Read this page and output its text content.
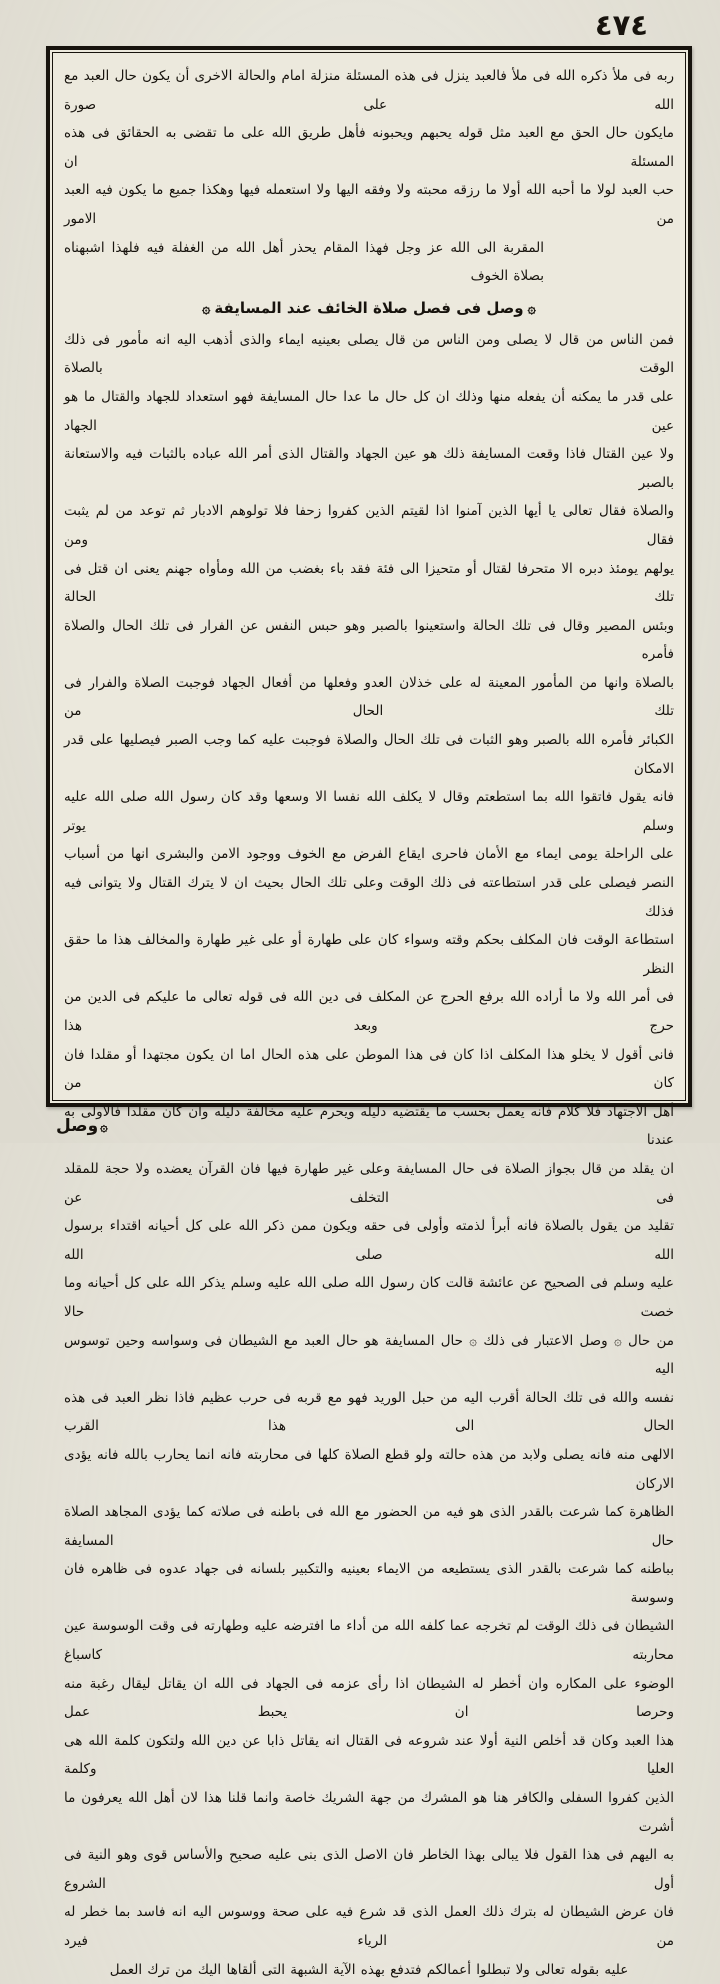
٤٧٤
ربه فى ملأ ذكره الله فى ملأ فالعبد ينزل فى هذه المسئلة منزلة امام والحالة الاخرى أن يكون حال العبد مع الله على صورة
مايكون حال الحق مع العبد مثل قوله يحبهم ويحبونه فأهل طريق الله على ما تقضى به الحقائق فى هذه المسئلة ان
حب العبد لولا ما أحبه الله أولا ما رزقه محبته ولا وفقه اليها ولا استعمله فيها وهكذا جميع ما يكون فيه العبد من الامور
المقربة الى الله عز وجل فهذا المقام يحذر أهل الله من الغفلة فيه فلهذا اشبهناه بصلاة الخوف
۞وصل فى فصل صلاة الخائف عند المسايفة۞
فمن الناس من قال لا يصلى ومن الناس من قال يصلى بعينيه ايماء والذى أذهب اليه انه مأمور فى ذلك الوقت بالصلاة
على قدر ما يمكنه أن يفعله منها وذلك ان كل حال ما عدا حال المسايفة فهو استعداد للجهاد والقتال ما هو عين الجهاد
ولا عين القتال فاذا وقعت المسايفة ذلك هو عين الجهاد والقتال الذى أمر الله عباده بالثبات فيه والاستعانة بالصبر
والصلاة فقال تعالى يا أيها الذين آمنوا اذا لقيتم الذين كفروا زحفا فلا تولوهم الادبار ثم توعد من لم يثبت فقال ومن
يولهم يومئذ دبره الا متحرفا لقتال أو متحيزا الى فئة فقد باء بغضب من الله ومأواه جهنم يعنى ان قتل فى تلك الحالة
وبئس المصير وقال فى تلك الحالة واستعينوا بالصبر وهو حبس النفس عن الفرار فى تلك الحال والصلاة فأمره
بالصلاة وانها من المأمور المعينة له على خذلان العدو وفعلها من أفعال الجهاد فوجبت الصلاة والفرار فى تلك الحال من
الكبائر فأمره الله بالصبر وهو الثبات فى تلك الحال والصلاة فوجبت عليه كما وجب الصبر فيصليها على قدر الامكان
فانه يقول فاتقوا الله بما استطعتم وقال لا يكلف الله نفسا الا وسعها وقد كان رسول الله صلى الله عليه وسلم يوتر
على الراحلة يومى ايماء مع الأمان فاحرى ايقاع الفرض مع الخوف ووجود الامن والبشرى انها من أسباب
النصر فيصلى على قدر استطاعته فى ذلك الوقت وعلى تلك الحال بحيث ان لا يترك القتال ولا يتوانى فيه فذلك
استطاعة الوقت فان المكلف بحكم وقته وسواء كان على طهارة أو على غير طهارة والمخالف هذا ما حقق النظر
فى أمر الله ولا ما أراده الله برفع الحرج عن المكلف فى دين الله فى قوله تعالى ما عليكم فى الدين من حرج وبعد هذا
فانى أقول لا يخلو هذا المكلف اذا كان فى هذا الموطن على هذه الحال اما ان يكون مجتهدا أو مقلدا فان كان من
أهل الاجتهاد فلا كلام فانه يعمل بحسب ما يقتضيه دليله ويحرم عليه مخالفة دليله وان كان مقلدا فالاولى به عندنا
ان يقلد من قال بجواز الصلاة فى حال المسايفة وعلى غير طهارة فيها فان القرآن يعضده ولا حجة للمقلد فى التخلف عن
تقليد من يقول بالصلاة فانه أبرأ لذمته وأولى فى حقه ويكون ممن ذكر الله على كل أحيانه اقتداء برسول الله صلى الله
عليه وسلم فى الصحيح عن عائشة قالت كان رسول الله صلى الله عليه وسلم يذكر الله على كل أحيانه وما خصت حالا
من حال ۞ وصل الاعتبار فى ذلك ۞ حال المسايفة هو حال العبد مع الشيطان فى وسواسه وحين توسوس اليه
نفسه والله فى تلك الحالة أقرب اليه من حبل الوريد فهو مع قربه فى حرب عظيم فاذا نظر العبد فى هذه الحال الى هذا القرب
الالهى منه فانه يصلى ولابد من هذه حالته ولو قطع الصلاة كلها فى محاربته فانه انما يحارب بالله فانه يؤدى الاركان
الظاهرة كما شرعت بالقدر الذى هو فيه من الحضور مع الله فى باطنه فى صلاته كما يؤدى المجاهد الصلاة حال المسايفة
بباطنه كما شرعت بالقدر الذى يستطيعه من الايماء بعينيه والتكبير بلسانه فى جهاد عدوه فى ظاهره فان وسوسة
الشيطان فى ذلك الوقت لم تخرجه عما كلفه الله من أداء ما افترضه عليه وطهارته فى وقت الوسوسة عين محاربته كاسباغ
الوضوء على المكاره وان أخطر له الشيطان اذا رأى عزمه فى الجهاد فى الله ان يقاتل ليقال رغبة منه وحرصا ان يحبط عمل
هذا العبد وكان قد أخلص النية أولا عند شروعه فى القتال انه يقاتل ذابا عن دين الله ولتكون كلمة الله هى العليا وكلمة
الذين كفروا السفلى والكافر هنا هو المشرك من جهة الشريك خاصة وانما قلنا هذا لان أهل الله يعرفون ما أشرت
به اليهم فى هذا القول فلا يبالى بهذا الخاطر فان الاصل الذى بنى عليه صحيح والأساس قوى وهو النية فى أول الشروع
فان عرض الشيطان له بترك ذلك العمل الذى قد شرع فيه على صحة ووسوس اليه انه فاسد بما خطر له من الرياء فيرد
عليه بقوله تعالى ولا تبطلوا أعمالكم فتدفع بهذه الآية الشبهة التى ألقاها اليك من ترك العمل
۞وصل
